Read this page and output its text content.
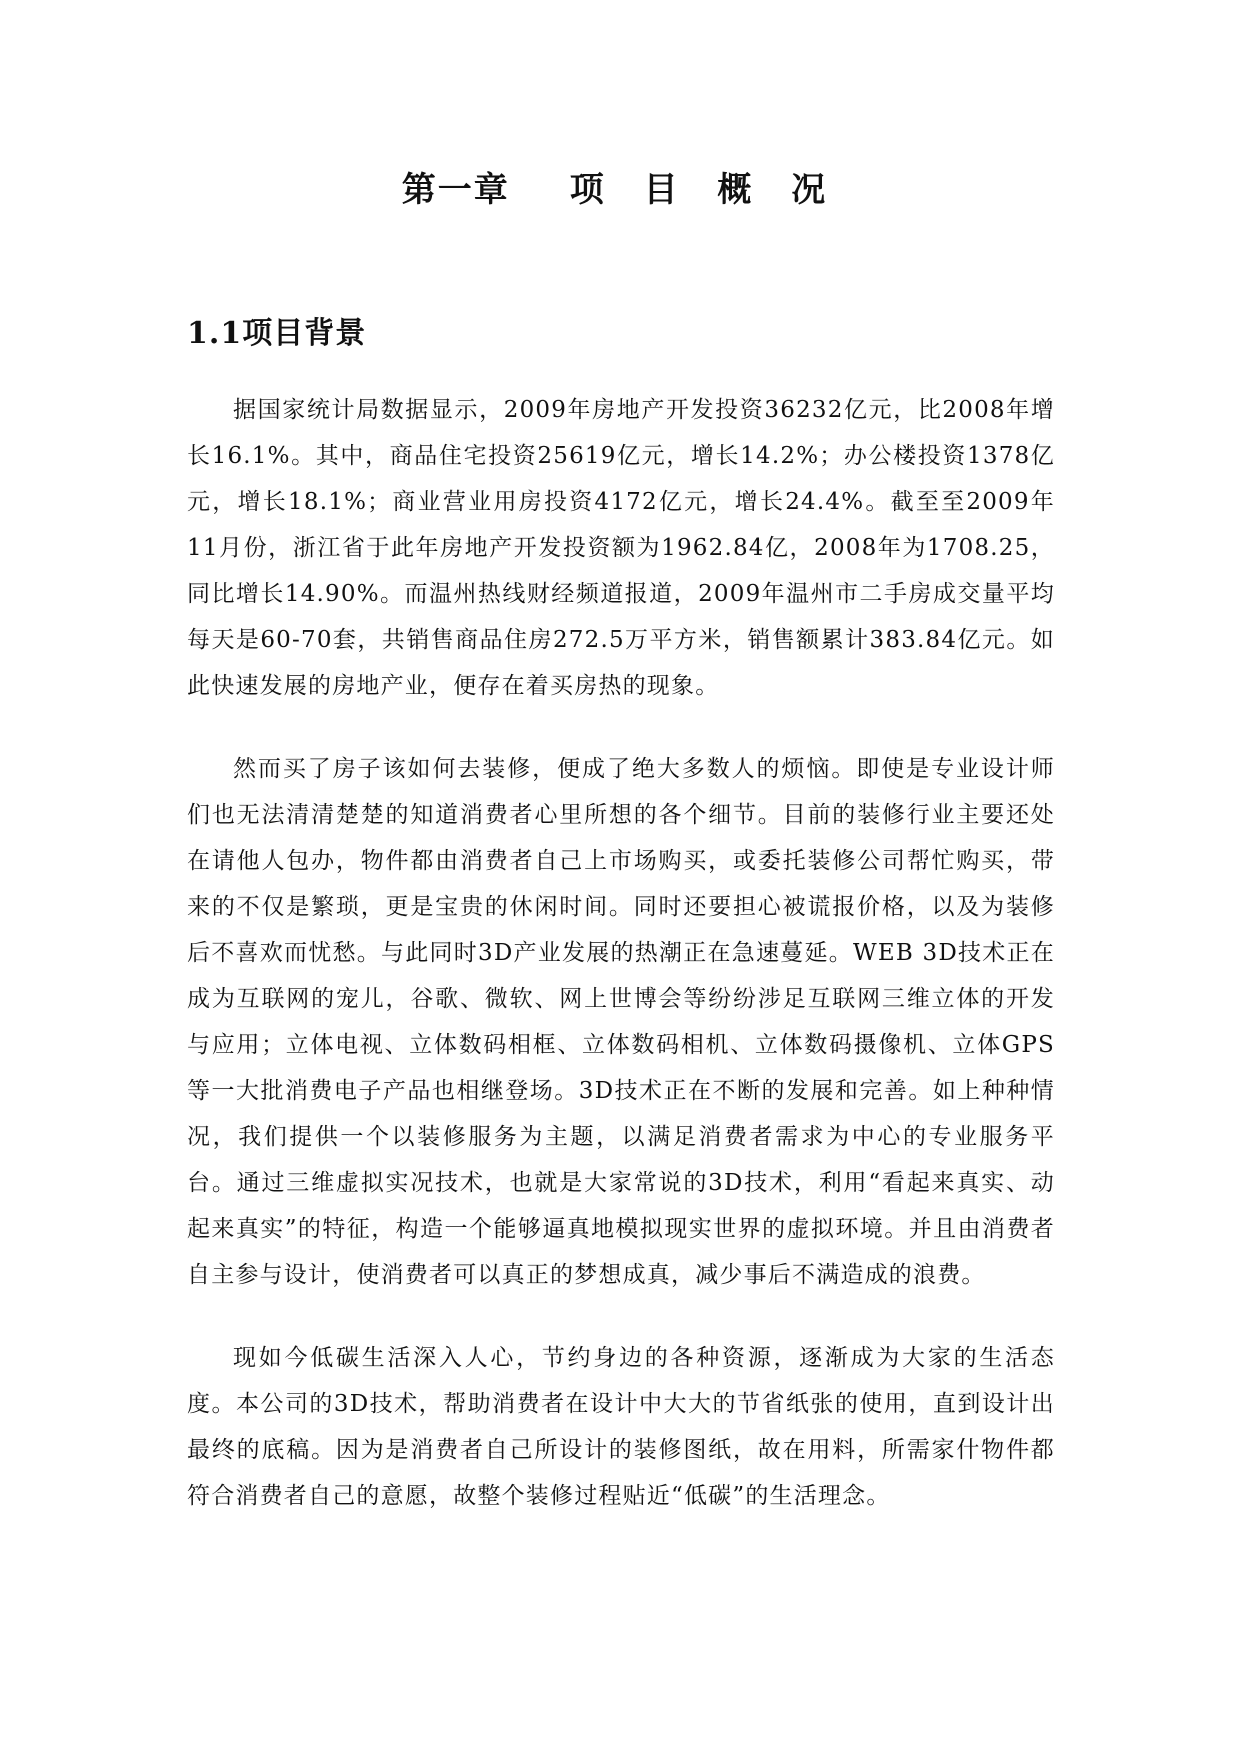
第一章 项 目 概 况
1.1项目背景

据国家统计局数据显示，2009年房地产开发投资36232亿元，比2008年增长16.1%。其中，商品住宅投资25619亿元，增长14.2%；办公楼投资1378亿元，增长18.1%；商业营业用房投资4172亿元，增长24.4%。截至至2009年11月份，浙江省于此年房地产开发投资额为1962.84亿，2008年为1708.25，同比增长14.90%。而温州热线财经频道报道，2009年温州市二手房成交量平均每天是60-70套，共销售商品住房272.5万平方米，销售额累计383.84亿元。如此快速发展的房地产业，便存在着买房热的现象。

然而买了房子该如何去装修，便成了绝大多数人的烦恼。即使是专业设计师们也无法清清楚楚的知道消费者心里所想的各个细节。目前的装修行业主要还处在请他人包办，物件都由消费者自己上市场购买，或委托装修公司帮忙购买，带来的不仅是繁琐，更是宝贵的休闲时间。同时还要担心被谎报价格，以及为装修后不喜欢而忧愁。与此同时3D产业发展的热潮正在急速蔓延。WEB 3D技术正在成为互联网的宠儿，谷歌、微软、网上世博会等纷纷涉足互联网三维立体的开发与应用；立体电视、立体数码相框、立体数码相机、立体数码摄像机、立体GPS等一大批消费电子产品也相继登场。3D技术正在不断的发展和完善。如上种种情况，我们提供一个以装修服务为主题，以满足消费者需求为中心的专业服务平台。通过三维虚拟实况技术，也就是大家常说的3D技术，利用“看起来真实、动起来真实”的特征，构造一个能够逼真地模拟现实世界的虚拟环境。并且由消费者自主参与设计，使消费者可以真正的梦想成真，减少事后不满造成的浪费。

现如今低碳生活深入人心，节约身边的各种资源，逐渐成为大家的生活态度。本公司的3D技术，帮助消费者在设计中大大的节省纸张的使用，直到设计出最终的底稿。因为是消费者自己所设计的装修图纸，故在用料，所需家什物件都符合消费者自己的意愿，故整个装修过程贴近“低碳”的生活理念。
